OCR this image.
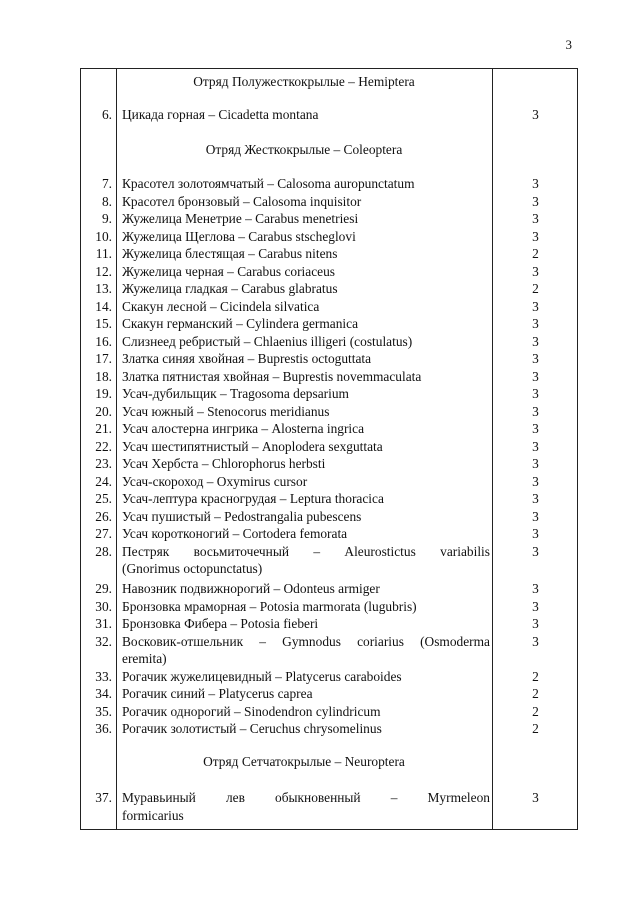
3
Отряд Полужесткокрылые – Hemiptera
6. Цикада горная – Cicadetta montana	3
Отряд Жесткокрылые – Coleoptera
7. Красотел золотоямчатый – Calosoma auropunctatum	3
8. Красотел бронзовый – Calosoma inquisitor	3
9. Жужелица Менетрие – Carabus menetriesi	3
10. Жужелица Щеглова – Carabus stscheglovi	3
11. Жужелица блестящая – Carabus nitens	2
12. Жужелица черная – Carabus coriaceus	3
13. Жужелица гладкая – Carabus glabratus	2
14. Скакун лесной – Cicindela silvatica	3
15. Скакун германский – Cylindera germanica	3
16. Слизнеед ребристый – Chlaenius illigeri (costulatus)	3
17. Златка синяя хвойная – Buprestis octoguttata	3
18. Златка пятнистая хвойная – Buprestis novemmaculata	3
19. Усач-дубильщик – Tragosoma depsarium	3
20. Усач южный – Stenocorus meridianus	3
21. Усач алостерна ингрика – Alosterna ingrica	3
22. Усач шестипятнистый – Anoplodera sexguttata	3
23. Усач Хербста – Chlorophorus herbsti	3
24. Усач-скороход – Oxymirus cursor	3
25. Усач-лептура красногрудая – Leptura thoracica	3
26. Усач пушистый – Pedostrangalia pubescens	3
27. Усач коротконогий – Cortodera femorata	3
28. Пестряк восьмиточечный – Aleurostictus variabilis	3
(Gnorimus octopunctatus)
29. Навозник подвижнорогий – Odonteus armiger	3
30. Бронзовка мраморная – Potosia marmorata (lugubris)	3
31. Бронзовка Фибера – Potosia fieberi	3
32. Восковик-отшельник – Gymnodus coriarius (Osmoderma	3
eremita)
33. Рогачик жужелицевидный – Platycerus caraboides	2
34. Рогачик синий – Platycerus caprea	2
35. Рогачик однорогий – Sinodendron cylindricum	2
36. Рогачик золотистый – Ceruchus chrysomelinus	2
Отряд Сетчатокрылые – Neuroptera
37. Муравьиный лев обыкновенный – Myrmeleon	3
formicarius
